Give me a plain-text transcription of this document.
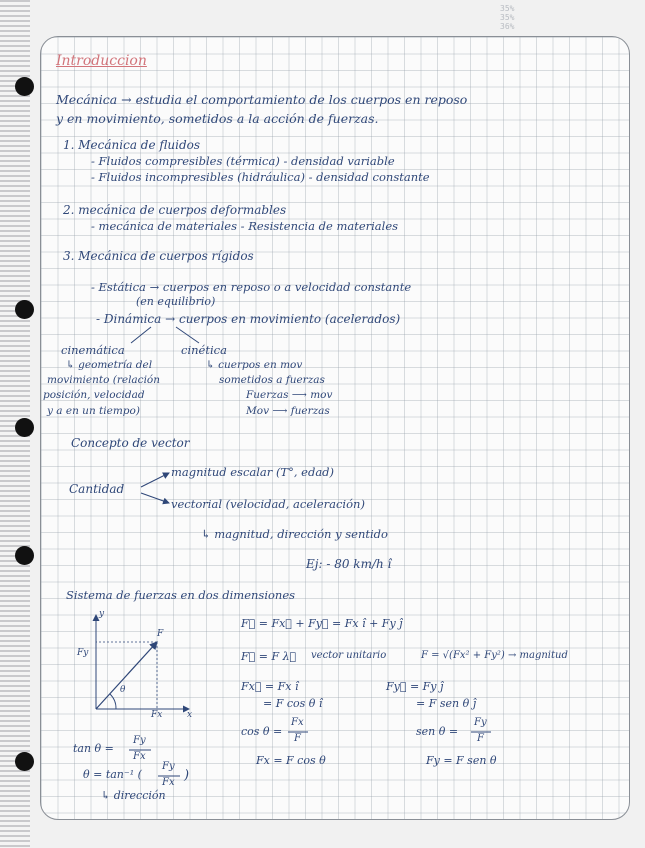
35%
35%
36%
Introduccion
Mecánica → estudia el comportamiento de los cuerpos en reposo
y en movimiento, sometidos a la acción de fuerzas.
1. Mecánica de fluidos
- Fluidos compresibles (térmica) - densidad variable
- Fluidos incompresibles (hidráulica) - densidad constante
2. mecánica de cuerpos deformables
- mecánica de materiales - Resistencia de materiales
3. Mecánica de cuerpos rígidos
- Estática → cuerpos en reposo o a velocidad constante
(en equilibrio)
- Dinámica → cuerpos en movimiento (acelerados)
cinemática
↳ geometría del
movimiento (relación
posición, velocidad
y a en un tiempo)
cinética
↳ cuerpos en mov
sometidos a fuerzas
Fuerzas ⟶ mov
Mov ⟶ fuerzas
Concepto de vector
Cantidad
magnitud escalar (T°, edad)
vectorial (velocidad, aceleración)
↳ magnitud, dirección y sentido
Ej: - 80 km/h î
Sistema de fuerzas en dos dimensiones
y
x
F
Fy
Fx
θ
F⃗ = Fx⃗ + Fy⃗ = Fx î + Fy ĵ
F⃗ = F λ⃗ vector unitario	F = √(Fx² + Fy²) → magnitud
Fx⃗ = Fx î
= F cos θ î
Fy⃗ = Fy ĵ
= F sen θ ĵ
cos θ =
Fx
F
sen θ =
Fy
F
Fx = F cos θ	Fy = F sen θ
tan θ =
Fy
Fx
θ = tan⁻¹ (
Fy
Fx )
↳ dirección
